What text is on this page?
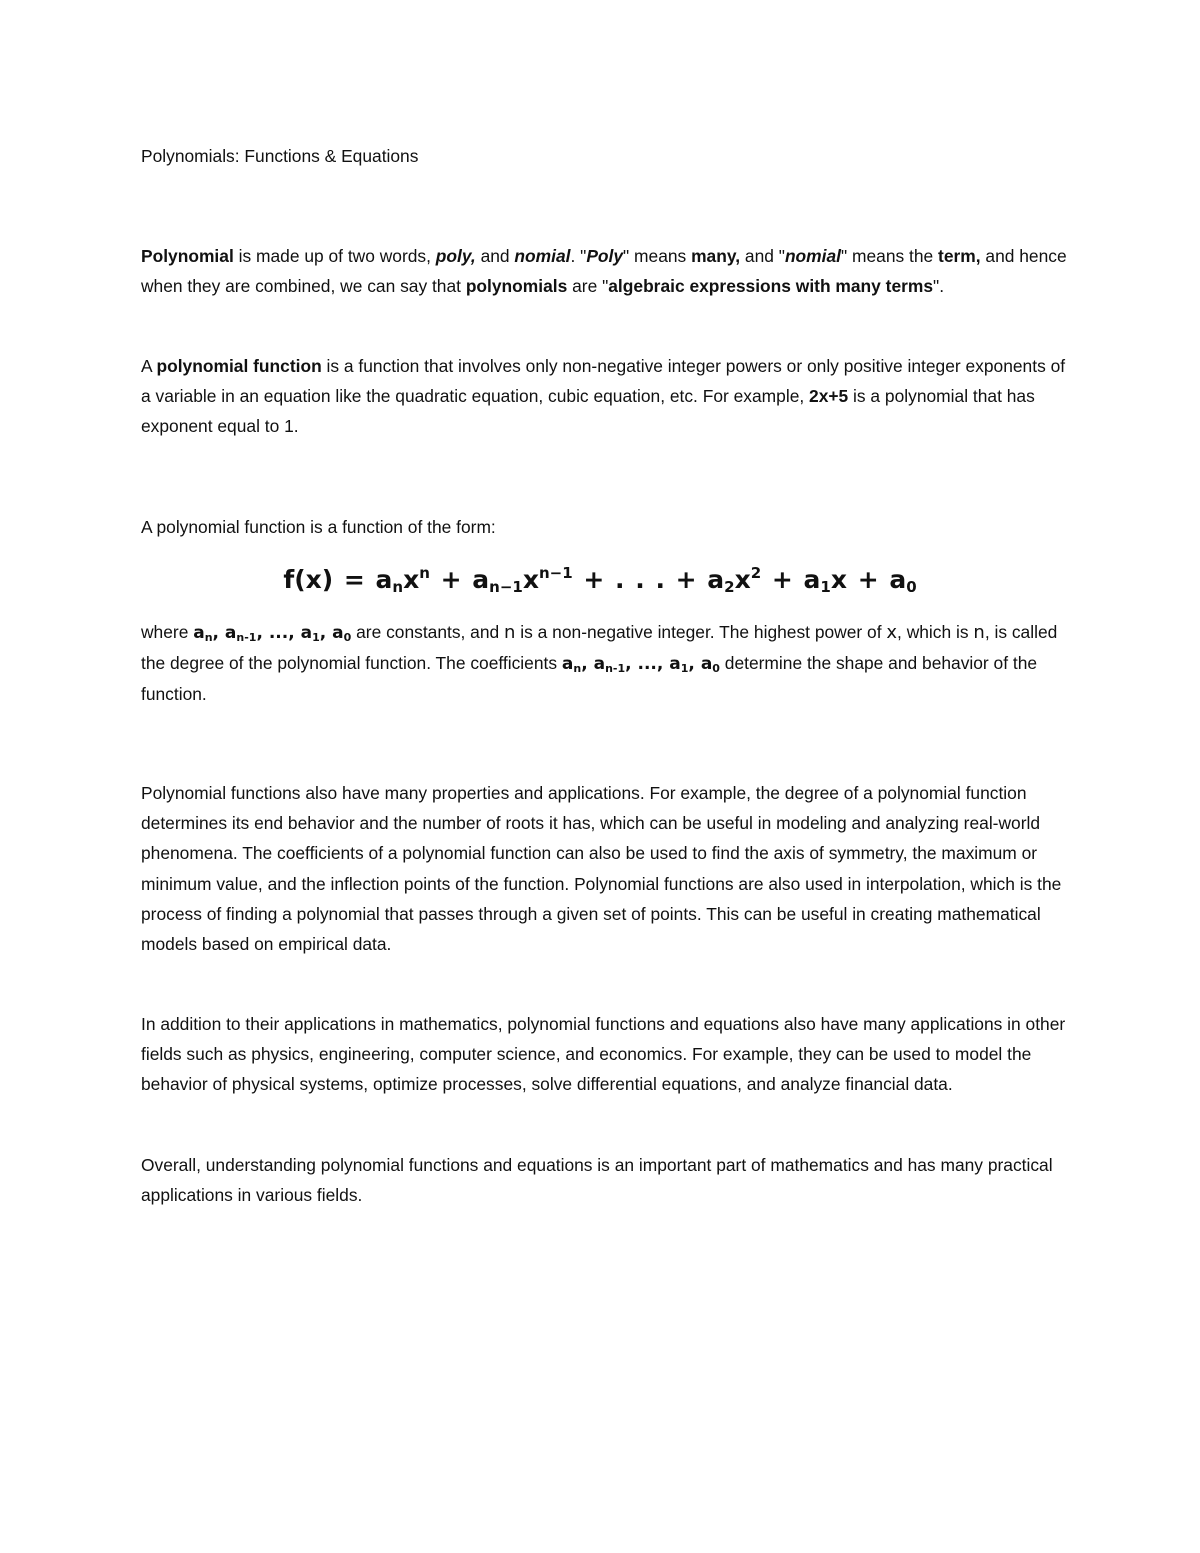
Polynomials: Functions & Equations

Polynomial is made up of two words, poly, and nomial. "Poly" means many, and "nomial" means the term, and hence when they are combined, we can say that polynomials are "algebraic expressions with many terms".

A polynomial function is a function that involves only non-negative integer powers or only positive integer exponents of a variable in an equation like the quadratic equation, cubic equation, etc. For example, 2x+5 is a polynomial that has exponent equal to 1.

A polynomial function is a function of the form:

$f(x) = a_nx^n + a_{n-1}x^{n-1}$ + . . . + $a_2x^2 + a_1x + a_0$

where $a_n$, $a_{n-1}$, ..., $a_1$, $a_0$ are constants, and n is a non-negative integer. The highest power of x, which is n, is called the degree of the polynomial function. The coefficients $a_n$, $a_{n-1}$, ..., $a_1$, $a_0$ determine the shape and behavior of the function.

Polynomial functions also have many properties and applications. For example, the degree of a polynomial function determines its end behavior and the number of roots it has, which can be useful in modeling and analyzing real-world phenomena. The coefficients of a polynomial function can also be used to find the axis of symmetry, the maximum or minimum value, and the inflection points of the function. Polynomial functions are also used in interpolation, which is the process of finding a polynomial that passes through a given set of points. This can be useful in creating mathematical models based on empirical data.

In addition to their applications in mathematics, polynomial functions and equations also have many applications in other fields such as physics, engineering, computer science, and economics. For example, they can be used to model the behavior of physical systems, optimize processes, solve differential equations, and analyze financial data.

Overall, understanding polynomial functions and equations is an important part of mathematics and has many practical applications in various fields.
